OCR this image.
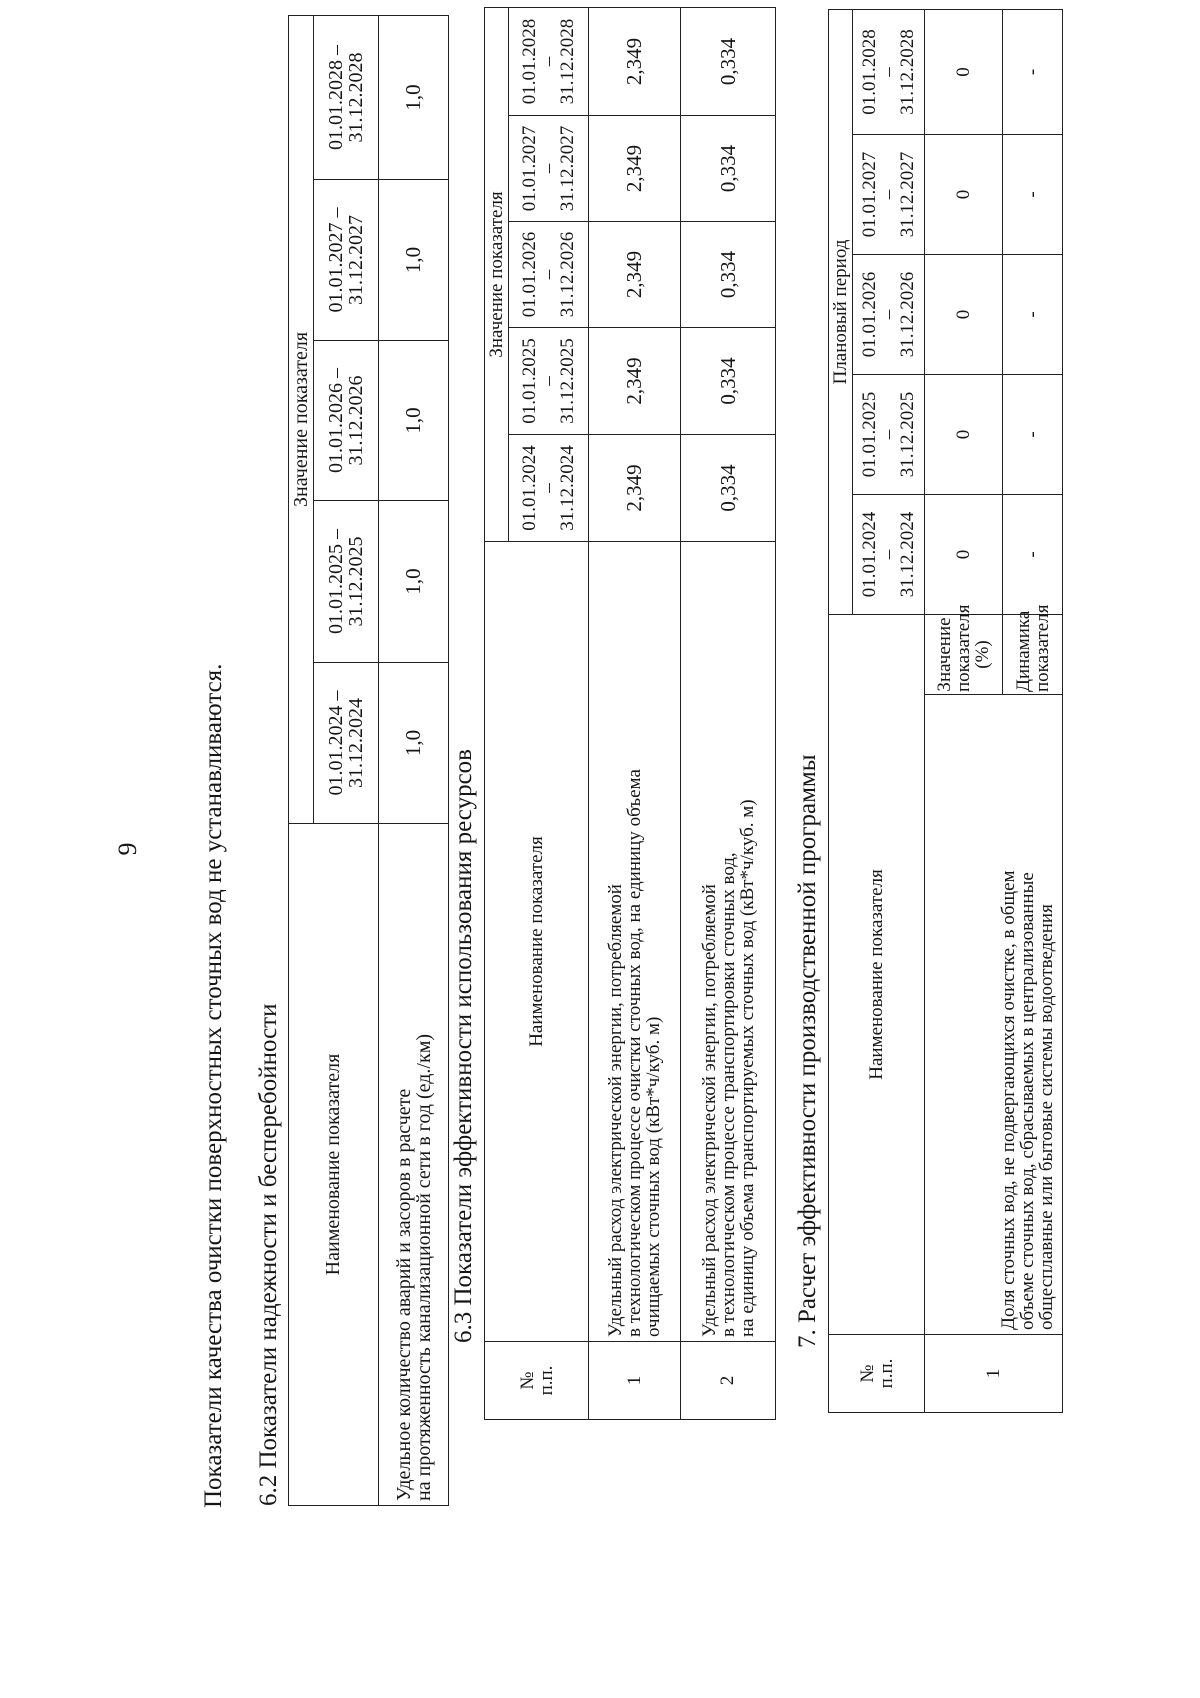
9 Показатели качества очистки поверхностных сточных вод не устанавливаются. 6.2 Показатели надежности и бесперебойности Наименование показателя	Значение показателя				

	01.01.2024 –
31.12.2024	01.01.2025 –
31.12.2025	01.01.2026 –
31.12.2026	01.01.2027 –
31.12.2027	01.01.2028 –
31.12.2028

Удельное количество аварий и засоров в расчете
на протяженность канализационной сети в год (ед./км)	1,0	1,0	1,0	1,0	1,0
6.3 Показатели эффективности использования ресурсов
№
п.п.	Наименование показателя	Значение показателя				

		01.01.2024
–
31.12.2024	01.01.2025
–
31.12.2025	01.01.2026
–
31.12.2026	01.01.2027
–
31.12.2027	01.01.2028
–
31.12.2028

1	Удельный расход электрической энергии, потребляемой
в технологическом процессе очистки сточных вод, на единицу объема
очищаемых сточных вод (кВт*ч/куб. м)	2,349	2,349	2,349	2,349	2,349
2	Удельный расход электрической энергии, потребляемой
в технологическом процессе транспортировки сточных вод,
на единицу объема транспортируемых сточных вод (кВт*ч/куб. м)	0,334	0,334	0,334	0,334	0,334
7. Расчет эффективности производственной программы
№
п.п.	Наименование показателя		Плановый период				

			01.01.2024
–
31.12.2024	01.01.2025
–
31.12.2025	01.01.2026
–
31.12.2026	01.01.2027
–
31.12.2027	01.01.2028
–
31.12.2028

1	Доля сточных вод, не подвергающихся очистке, в общем
объеме сточных вод, сбрасываемых в централизованные
общесплавные или бытовые системы водоотведения	Значение
показателя
(%)	0	0	0	0	0

		Динамика
показателя	-	-	-	-	-
